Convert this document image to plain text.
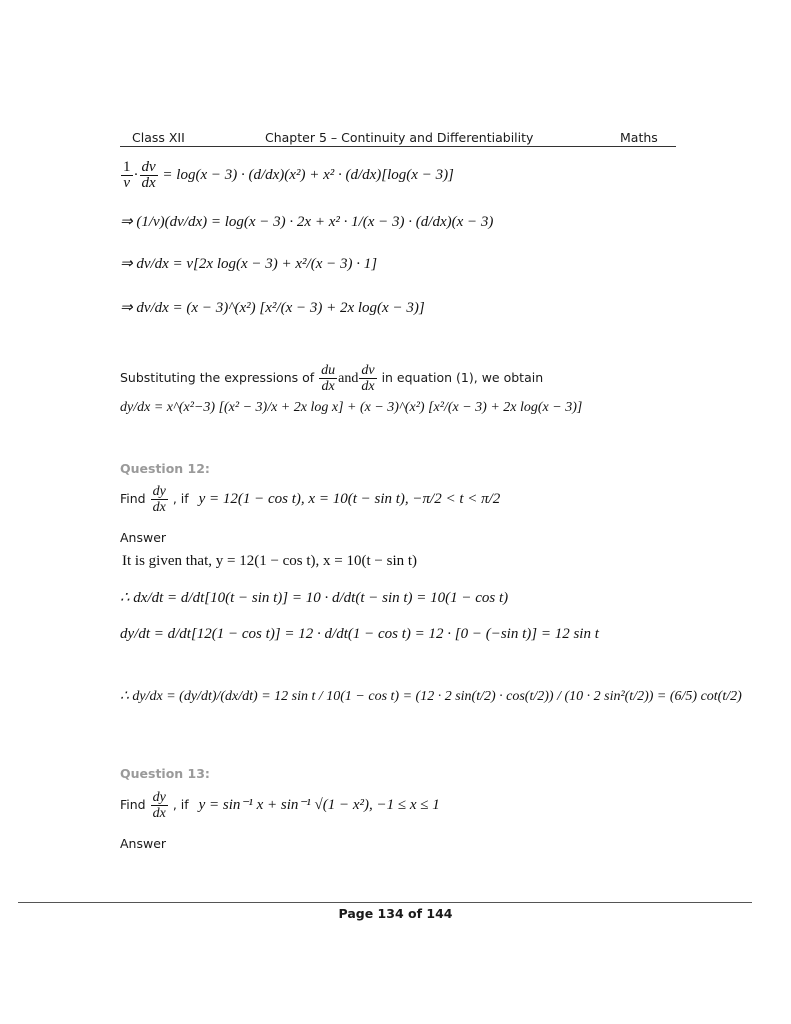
Class XII	Chapter 5 – Continuity and Differentiability	Maths
$\frac{1}{v} \cdot \frac{dv}{dx} = \log(x - 3) \cdot (d/dx)(x^2) + x^2 \cdot (d/dx)[\log(x - 3)]$
⇒ (1/v)(dv/dx) = log(x − 3) · 2x + x² · 1/(x − 3) · (d/dx)(x − 3)
⇒ dv/dx = v[2x log(x − 3) + x²/(x − 3) · 1]
⇒ dv/dx = (x − 3)^(x²) [x²/(x − 3) + 2x log(x − 3)]
Substituting the expressions of $\frac{du}{dx}$ and $\frac{dv}{dx}$ in equation (1), we obtain
dy/dx = x^(x²−3) [(x² − 3)/x + 2x log x] + (x − 3)^(x²) [x²/(x − 3) + 2x log(x − 3)]
Question 12:
Find $\frac{dy}{dx}$ , if y = 12(1 − cos t), x = 10(t − sin t), −π/2 < t < π/2
Answer
It is given that, y = 12(1 − cos t), x = 10(t − sin t)
∴ dx/dt = d/dt[10(t − sin t)] = 10 · d/dt(t − sin t) = 10(1 − cos t)
dy/dt = d/dt[12(1 − cos t)] = 12 · d/dt(1 − cos t) = 12 · [0 − (−sin t)] = 12 sin t
∴ dy/dx = (dy/dt)/(dx/dt) = 12 sin t / 10(1 − cos t) = (12 · 2 sin(t/2) · cos(t/2)) / (10 · 2 sin²(t/2)) = (6/5) cot(t/2)
Question 13:
Find $\frac{dy}{dx}$ , if y = sin⁻¹ x + sin⁻¹ √(1 − x²), −1 ≤ x ≤ 1
Answer
Page 134 of 144
